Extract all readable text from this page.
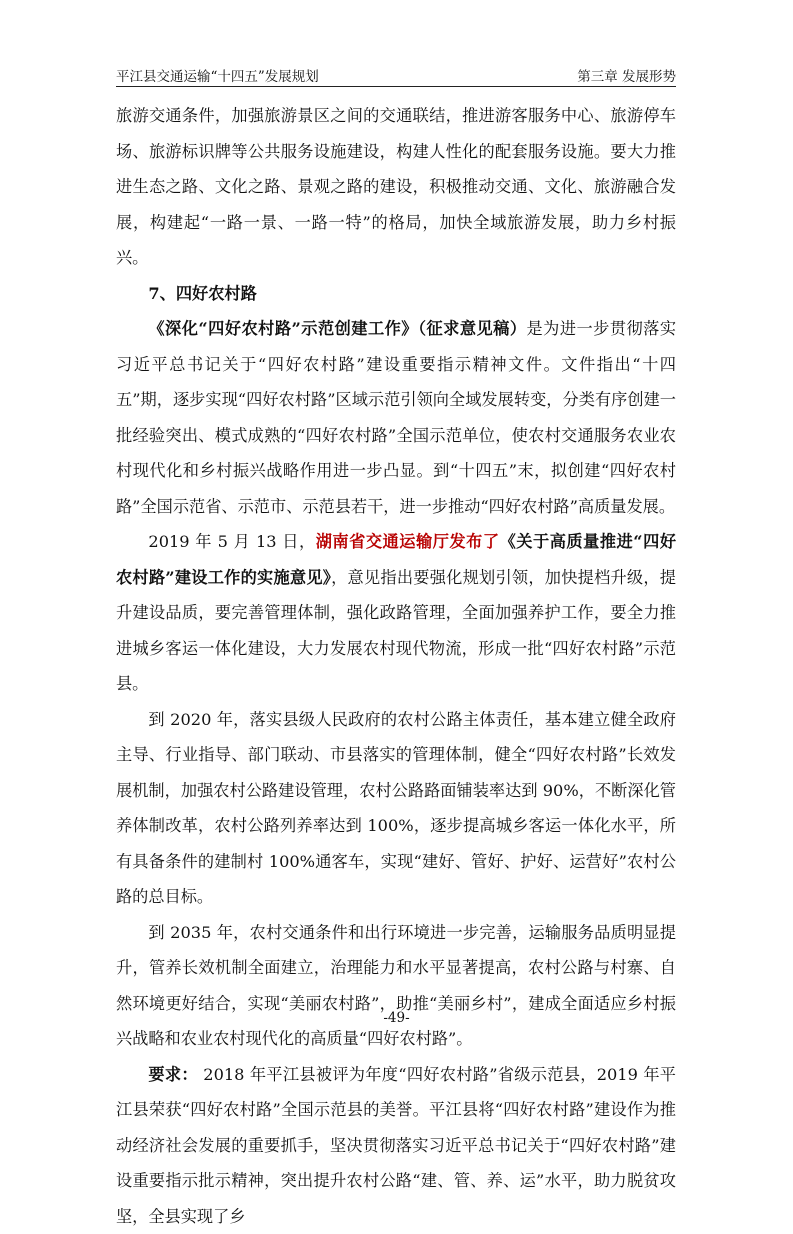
平江县交通运输“十四五”发展规划	第三章 发展形势

旅游交通条件，加强旅游景区之间的交通联结，推进游客服务中心、旅游停车场、旅游标识牌等公共服务设施建设，构建人性化的配套服务设施。要大力推进生态之路、文化之路、景观之路的建设，积极推动交通、文化、旅游融合发展，构建起“一路一景、一路一特”的格局，加快全域旅游发展，助力乡村振兴。

7、四好农村路

《深化“四好农村路”示范创建工作》（征求意见稿）是为进一步贯彻落实习近平总书记关于“四好农村路”建设重要指示精神文件。文件指出“十四五”期，逐步实现“四好农村路”区域示范引领向全域发展转变，分类有序创建一批经验突出、模式成熟的“四好农村路”全国示范单位，使农村交通服务农业农村现代化和乡村振兴战略作用进一步凸显。到“十四五”末，拟创建“四好农村路”全国示范省、示范市、示范县若干，进一步推动“四好农村路”高质量发展。

2019 年 5 月 13 日，湖南省交通运输厅发布了《关于高质量推进“四好农村路”建设工作的实施意见》，意见指出要强化规划引领，加快提档升级，提升建设品质，要完善管理体制，强化政路管理，全面加强养护工作，要全力推进城乡客运一体化建设，大力发展农村现代物流，形成一批“四好农村路”示范县。

到 2020 年，落实县级人民政府的农村公路主体责任，基本建立健全政府主导、行业指导、部门联动、市县落实的管理体制，健全“四好农村路”长效发展机制，加强农村公路建设管理，农村公路路面铺装率达到 90%，不断深化管养体制改革，农村公路列养率达到 100%，逐步提高城乡客运一体化水平，所有具备条件的建制村 100%通客车，实现“建好、管好、护好、运营好”农村公路的总目标。

到 2035 年，农村交通条件和出行环境进一步完善，运输服务品质明显提升，管养长效机制全面建立，治理能力和水平显著提高，农村公路与村寨、自然环境更好结合，实现“美丽农村路”，助推“美丽乡村”，建成全面适应乡村振兴战略和农业农村现代化的高质量“四好农村路”。

要求： 2018 年平江县被评为年度“四好农村路”省级示范县，2019 年平江县荣获“四好农村路”全国示范县的美誉。平江县将“四好农村路”建设作为推动经济社会发展的重要抓手，坚决贯彻落实习近平总书记关于“四好农村路”建设重要指示批示精神，突出提升农村公路“建、管、养、运”水平，助力脱贫攻坚，全县实现了乡

-49-
